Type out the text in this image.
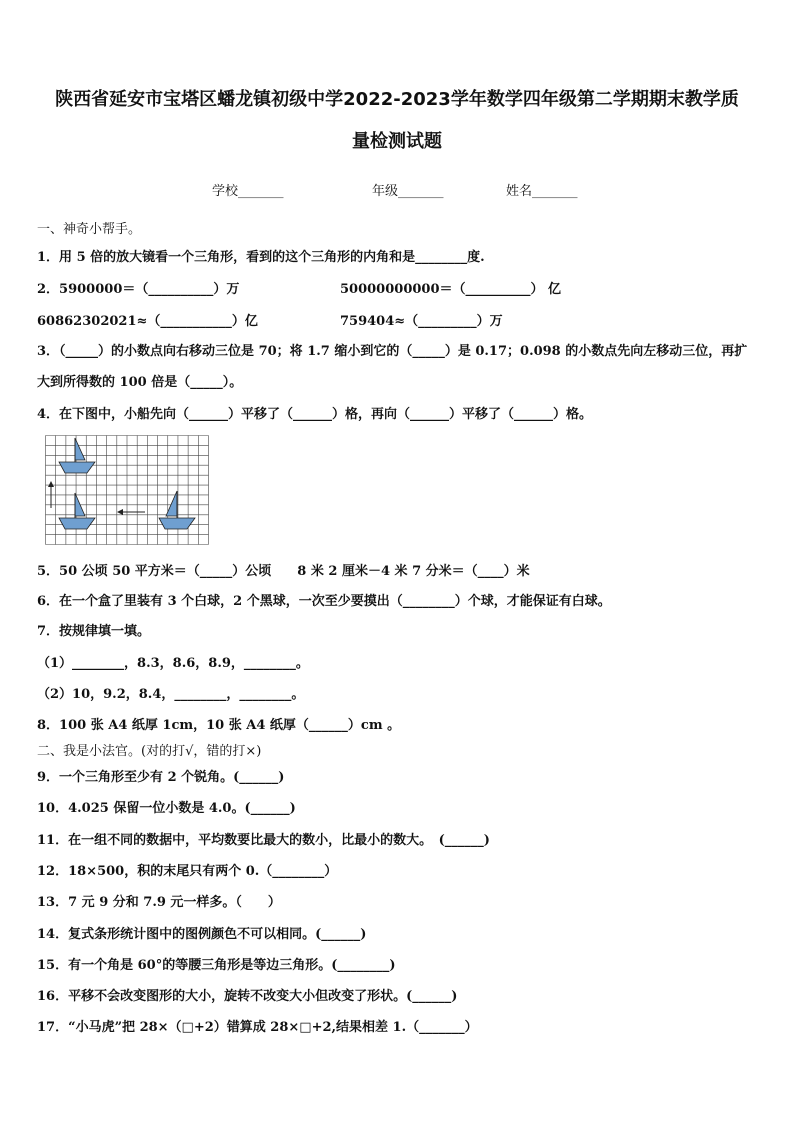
陕西省延安市宝塔区蟠龙镇初级中学2022-2023学年数学四年级第二学期期末教学质
量检测试题
学校_______	年级_______	姓名_______
一、神奇小帮手。
1．用 5 倍的放大镜看一个三角形，看到的这个三角形的内角和是________度.
2．5900000＝（__________）万	50000000000＝（__________） 亿
60862302021≈（___________）亿	759404≈（_________）万
3．（_____）的小数点向右移动三位是 70；将 1.7 缩小到它的（_____）是 0.17；0.098 的小数点先向左移动三位，再扩
大到所得数的 100 倍是（_____）。
4．在下图中，小船先向（______）平移了（______）格，再向（______）平移了（______）格。
5．50 公顷 50 平方米＝（_____）公顷　　8 米 2 厘米－4 米 7 分米＝（____）米
6．在一个盒了里装有 3 个白球，2 个黑球，一次至少要摸出（________）个球，才能保证有白球。
7．按规律填一填。
（1）________，8.3，8.6，8.9，________。
（2）10，9.2，8.4，________，________。
8．100 张 A4 纸厚 1cm，10 张 A4 纸厚（______）cm 。
二、我是小法官。(对的打√，错的打×)
9．一个三角形至少有 2 个锐角。(______)
10．4.025 保留一位小数是 4.0。(______)
11．在一组不同的数据中，平均数要比最大的数小，比最小的数大。　(______)
12．18×500，积的末尾只有两个 0.（________）
13．7 元 9 分和 7.9 元一样多。（　　）
14．复式条形统计图中的图例颜色不可以相同。(______)
15．有一个角是 60°的等腰三角形是等边三角形。(________)
16．平移不会改变图形的大小，旋转不改变大小但改变了形状。(______)
17．“小马虎”把 28×（□+2）错算成 28×□+2,结果相差 1.（_______）
